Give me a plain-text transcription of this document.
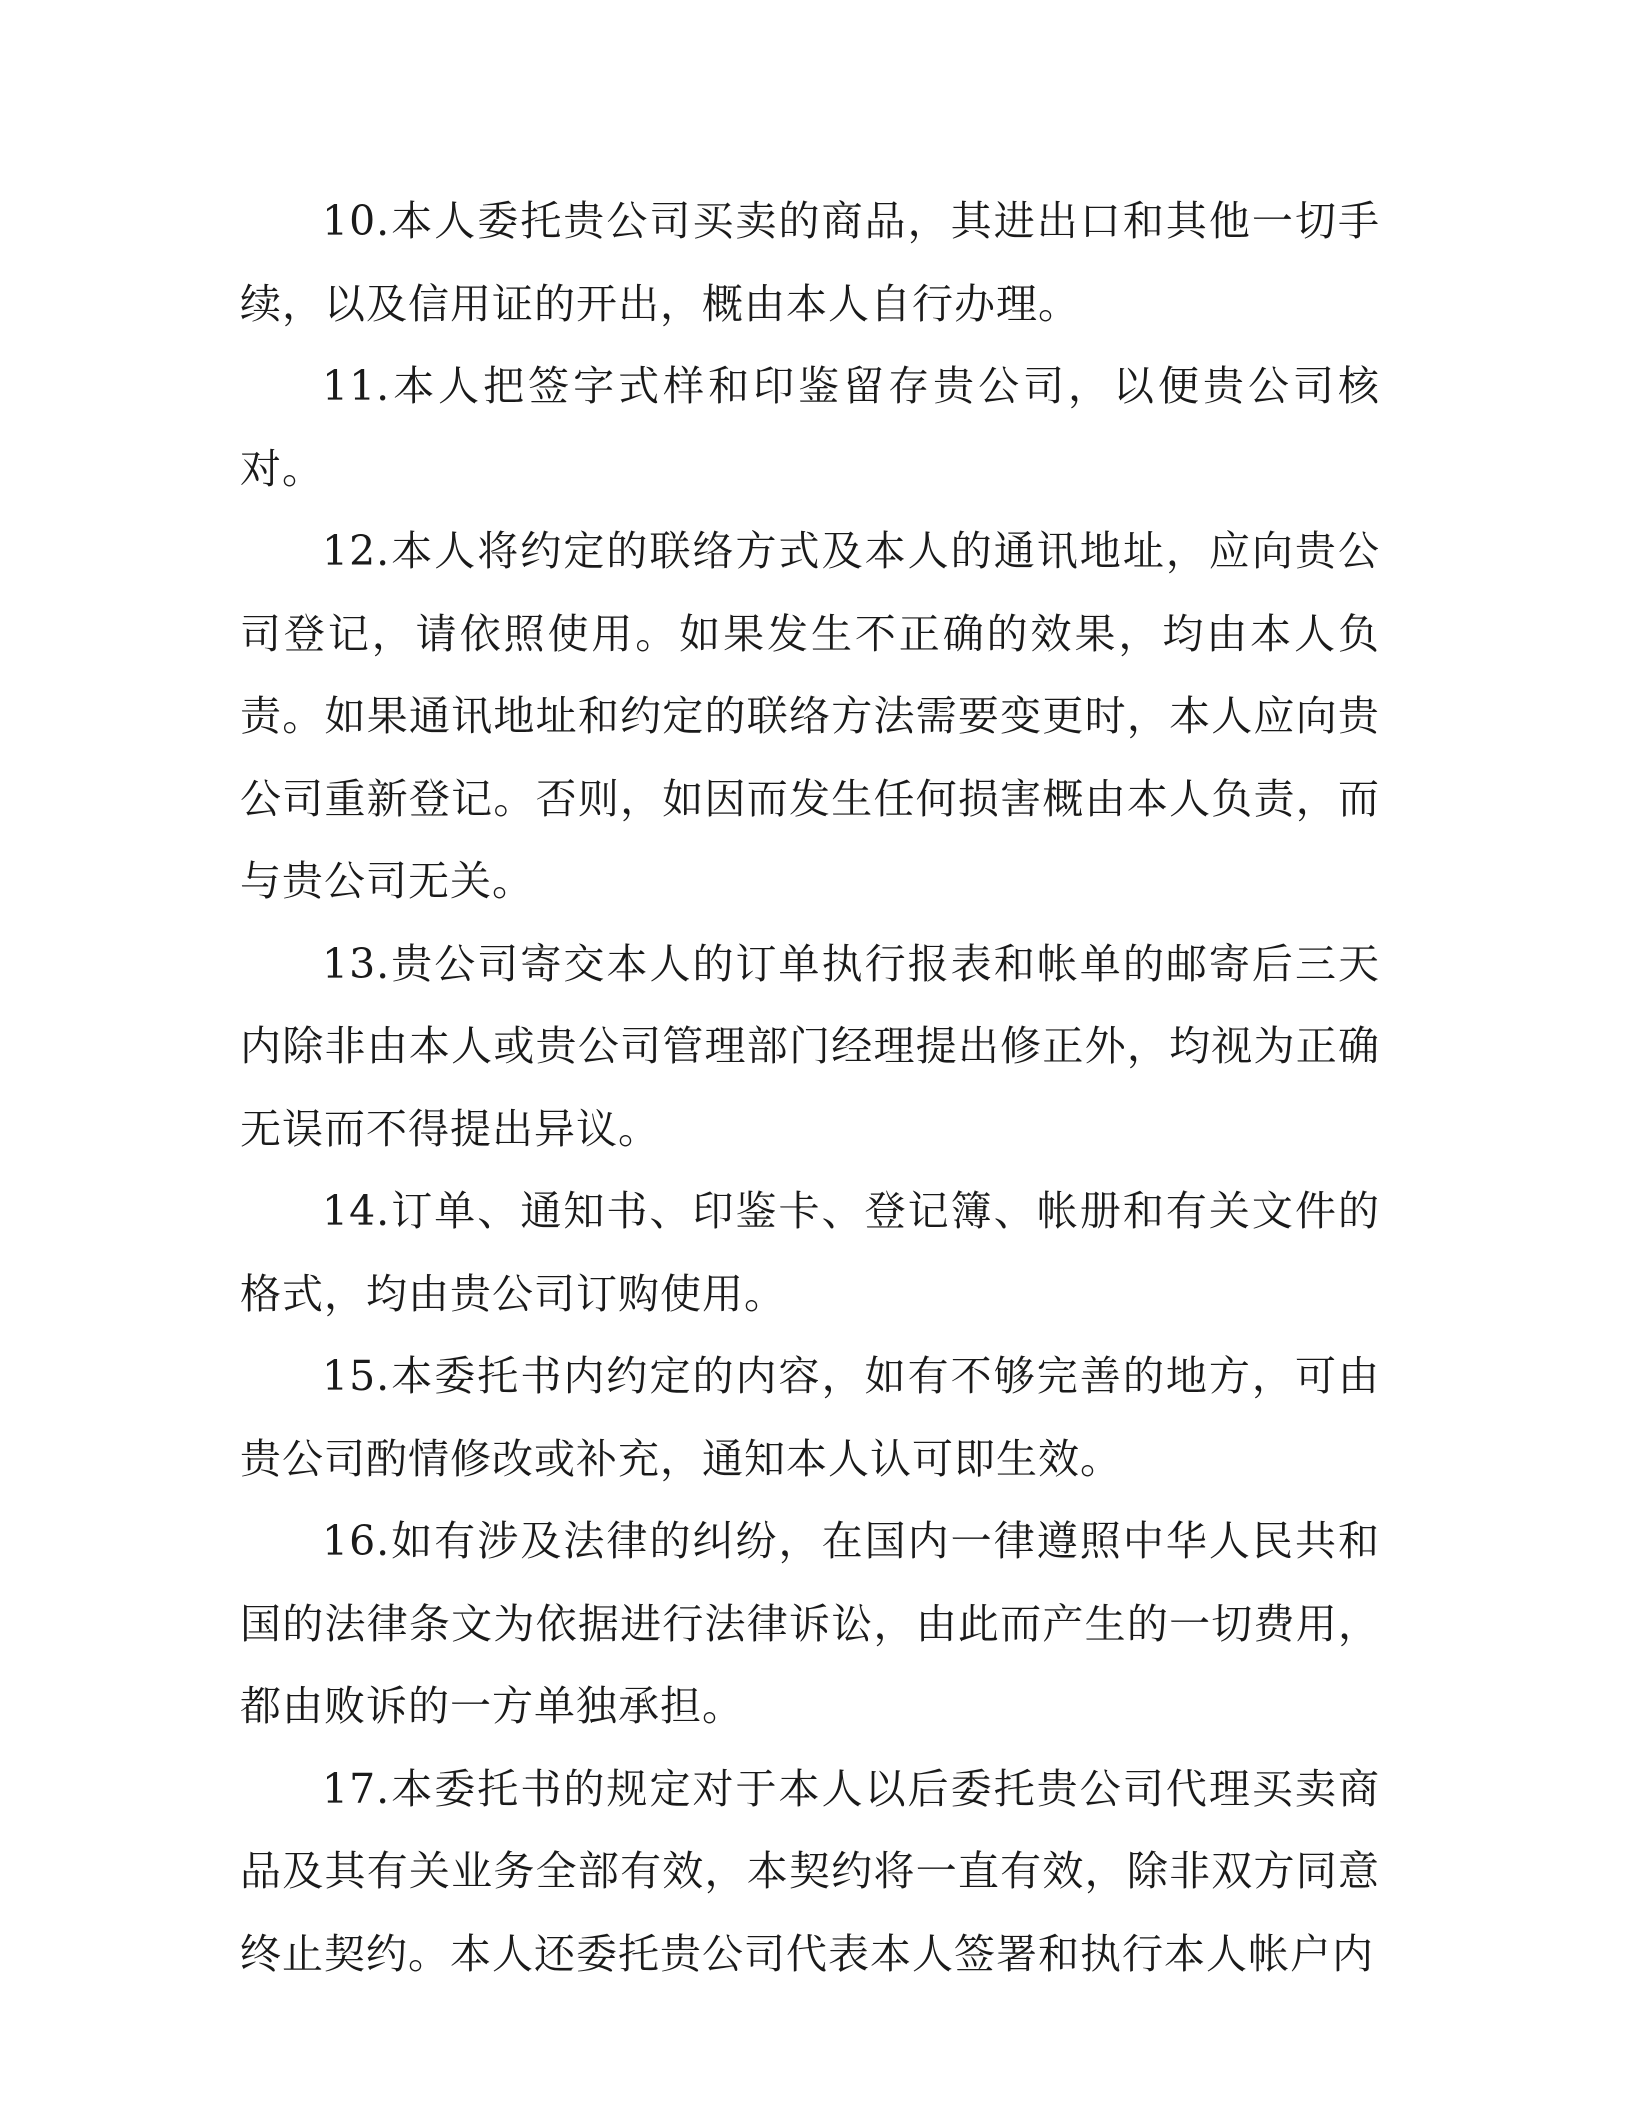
10.本人委托贵公司买卖的商品，其进出口和其他一切手续，以及信用证的开出，概由本人自行办理。

11.本人把签字式样和印鉴留存贵公司，以便贵公司核对。

12.本人将约定的联络方式及本人的通讯地址，应向贵公司登记，请依照使用。如果发生不正确的效果，均由本人负责。如果通讯地址和约定的联络方法需要变更时，本人应向贵公司重新登记。否则，如因而发生任何损害概由本人负责，而与贵公司无关。

13.贵公司寄交本人的订单执行报表和帐单的邮寄后三天内除非由本人或贵公司管理部门经理提出修正外，均视为正确无误而不得提出异议。

14.订单、通知书、印鉴卡、登记簿、帐册和有关文件的格式，均由贵公司订购使用。

15.本委托书内约定的内容，如有不够完善的地方，可由贵公司酌情修改或补充，通知本人认可即生效。

16.如有涉及法律的纠纷，在国内一律遵照中华人民共和国的法律条文为依据进行法律诉讼，由此而产生的一切费用，都由败诉的一方单独承担。

17.本委托书的规定对于本人以后委托贵公司代理买卖商品及其有关业务全部有效，本契约将一直有效，除非双方同意终止契约。本人还委托贵公司代表本人签署和执行本人帐户内
